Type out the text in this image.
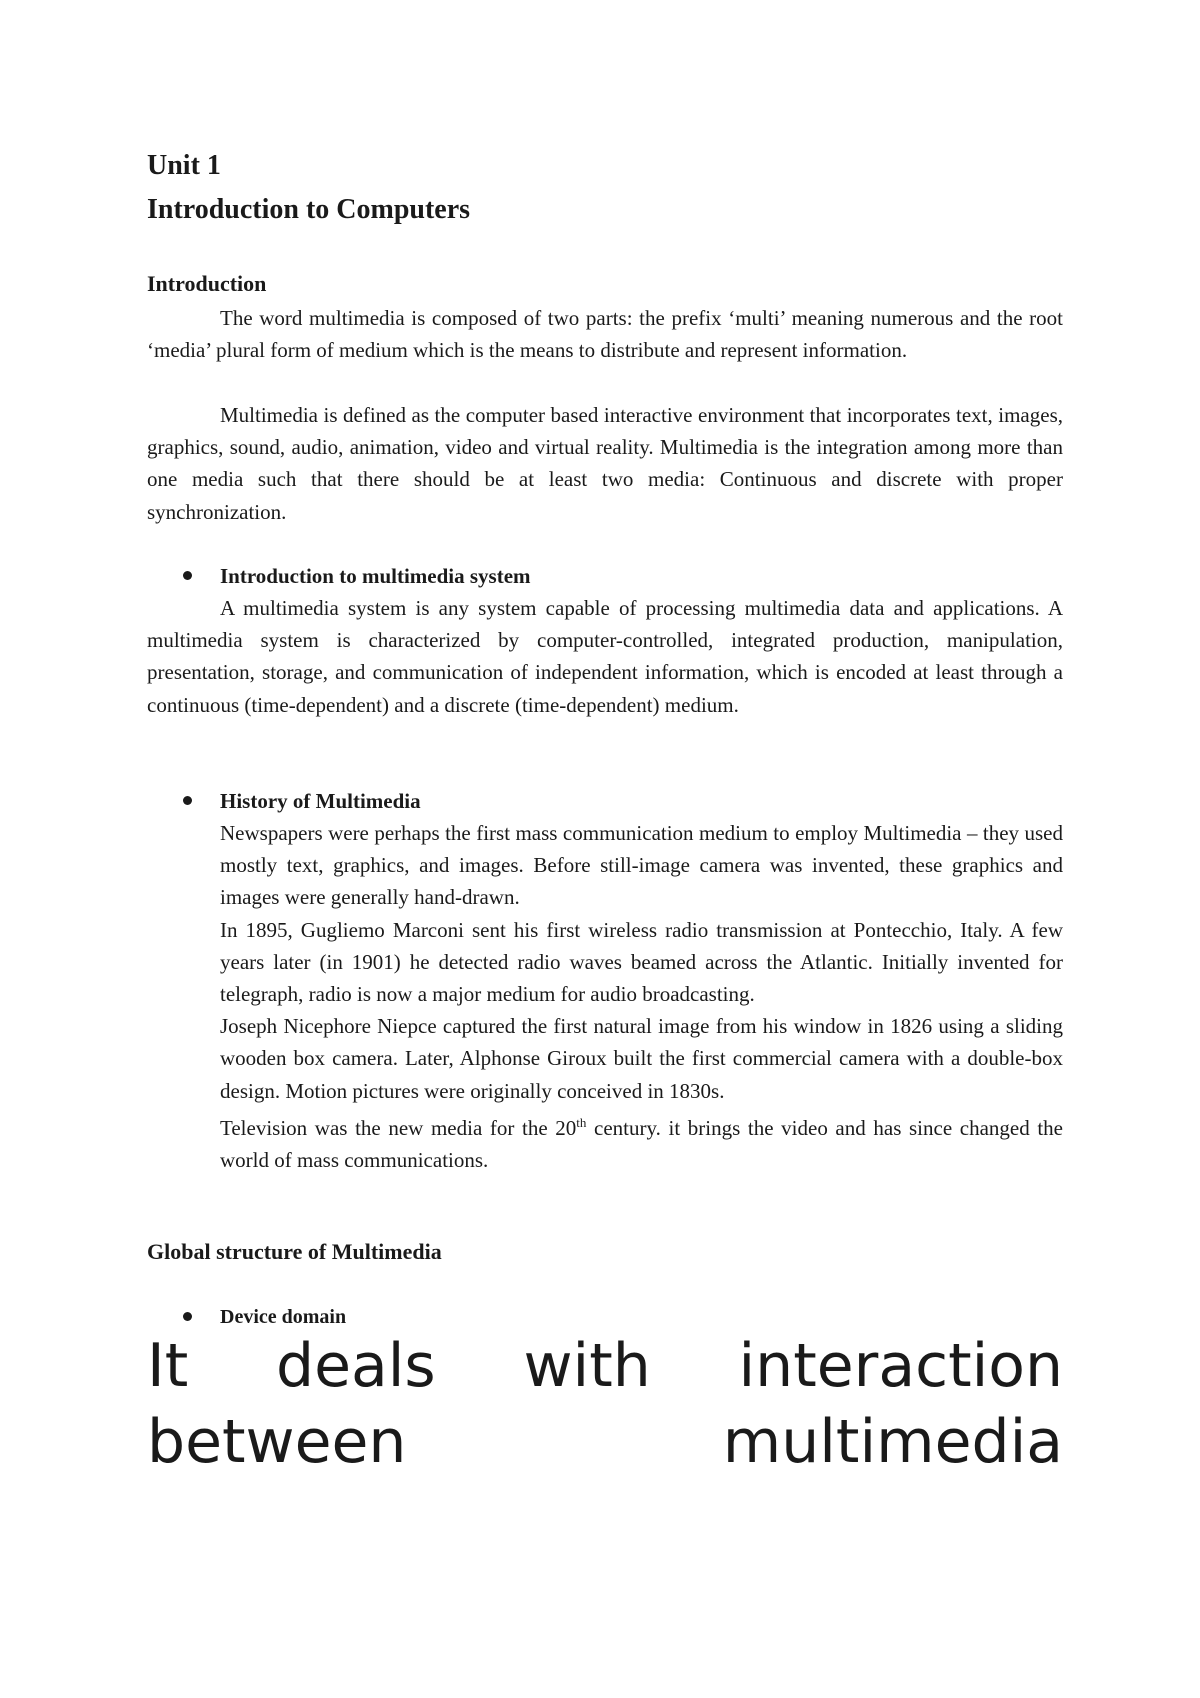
Unit 1
Introduction to Computers
Introduction

The word multimedia is composed of two parts: the prefix ‘multi’ meaning numerous and the root ‘media’ plural form of medium which is the means to distribute and represent information.

Multimedia is defined as the computer based interactive environment that incorporates text, images, graphics, sound, audio, animation, video and virtual reality. Multimedia is the integration among more than one media such that there should be at least two media: Continuous and discrete with proper synchronization.

Introduction to multimedia system

A multimedia system is any system capable of processing multimedia data and applications. A multimedia system is characterized by computer-controlled, integrated production, manipulation, presentation, storage, and communication of independent information, which is encoded at least through a continuous (time-dependent) and a discrete (time-dependent) medium.

History of Multimedia

Newspapers were perhaps the first mass communication medium to employ Multimedia – they used mostly text, graphics, and images. Before still-image camera was invented, these graphics and images were generally hand-drawn.

In 1895, Gugliemo Marconi sent his first wireless radio transmission at Pontecchio, Italy. A few years later (in 1901) he detected radio waves beamed across the Atlantic. Initially invented for telegraph, radio is now a major medium for audio broadcasting.

Joseph Nicephore Niepce captured the first natural image from his window in 1826 using a sliding wooden box camera. Later, Alphonse Giroux built the first commercial camera with a double-box design. Motion pictures were originally conceived in 1830s.

Television was the new media for the 20th century. it brings the video and has since changed the world of mass communications.

Global structure of Multimedia
Device domain
It deals with interaction
between multimedia
